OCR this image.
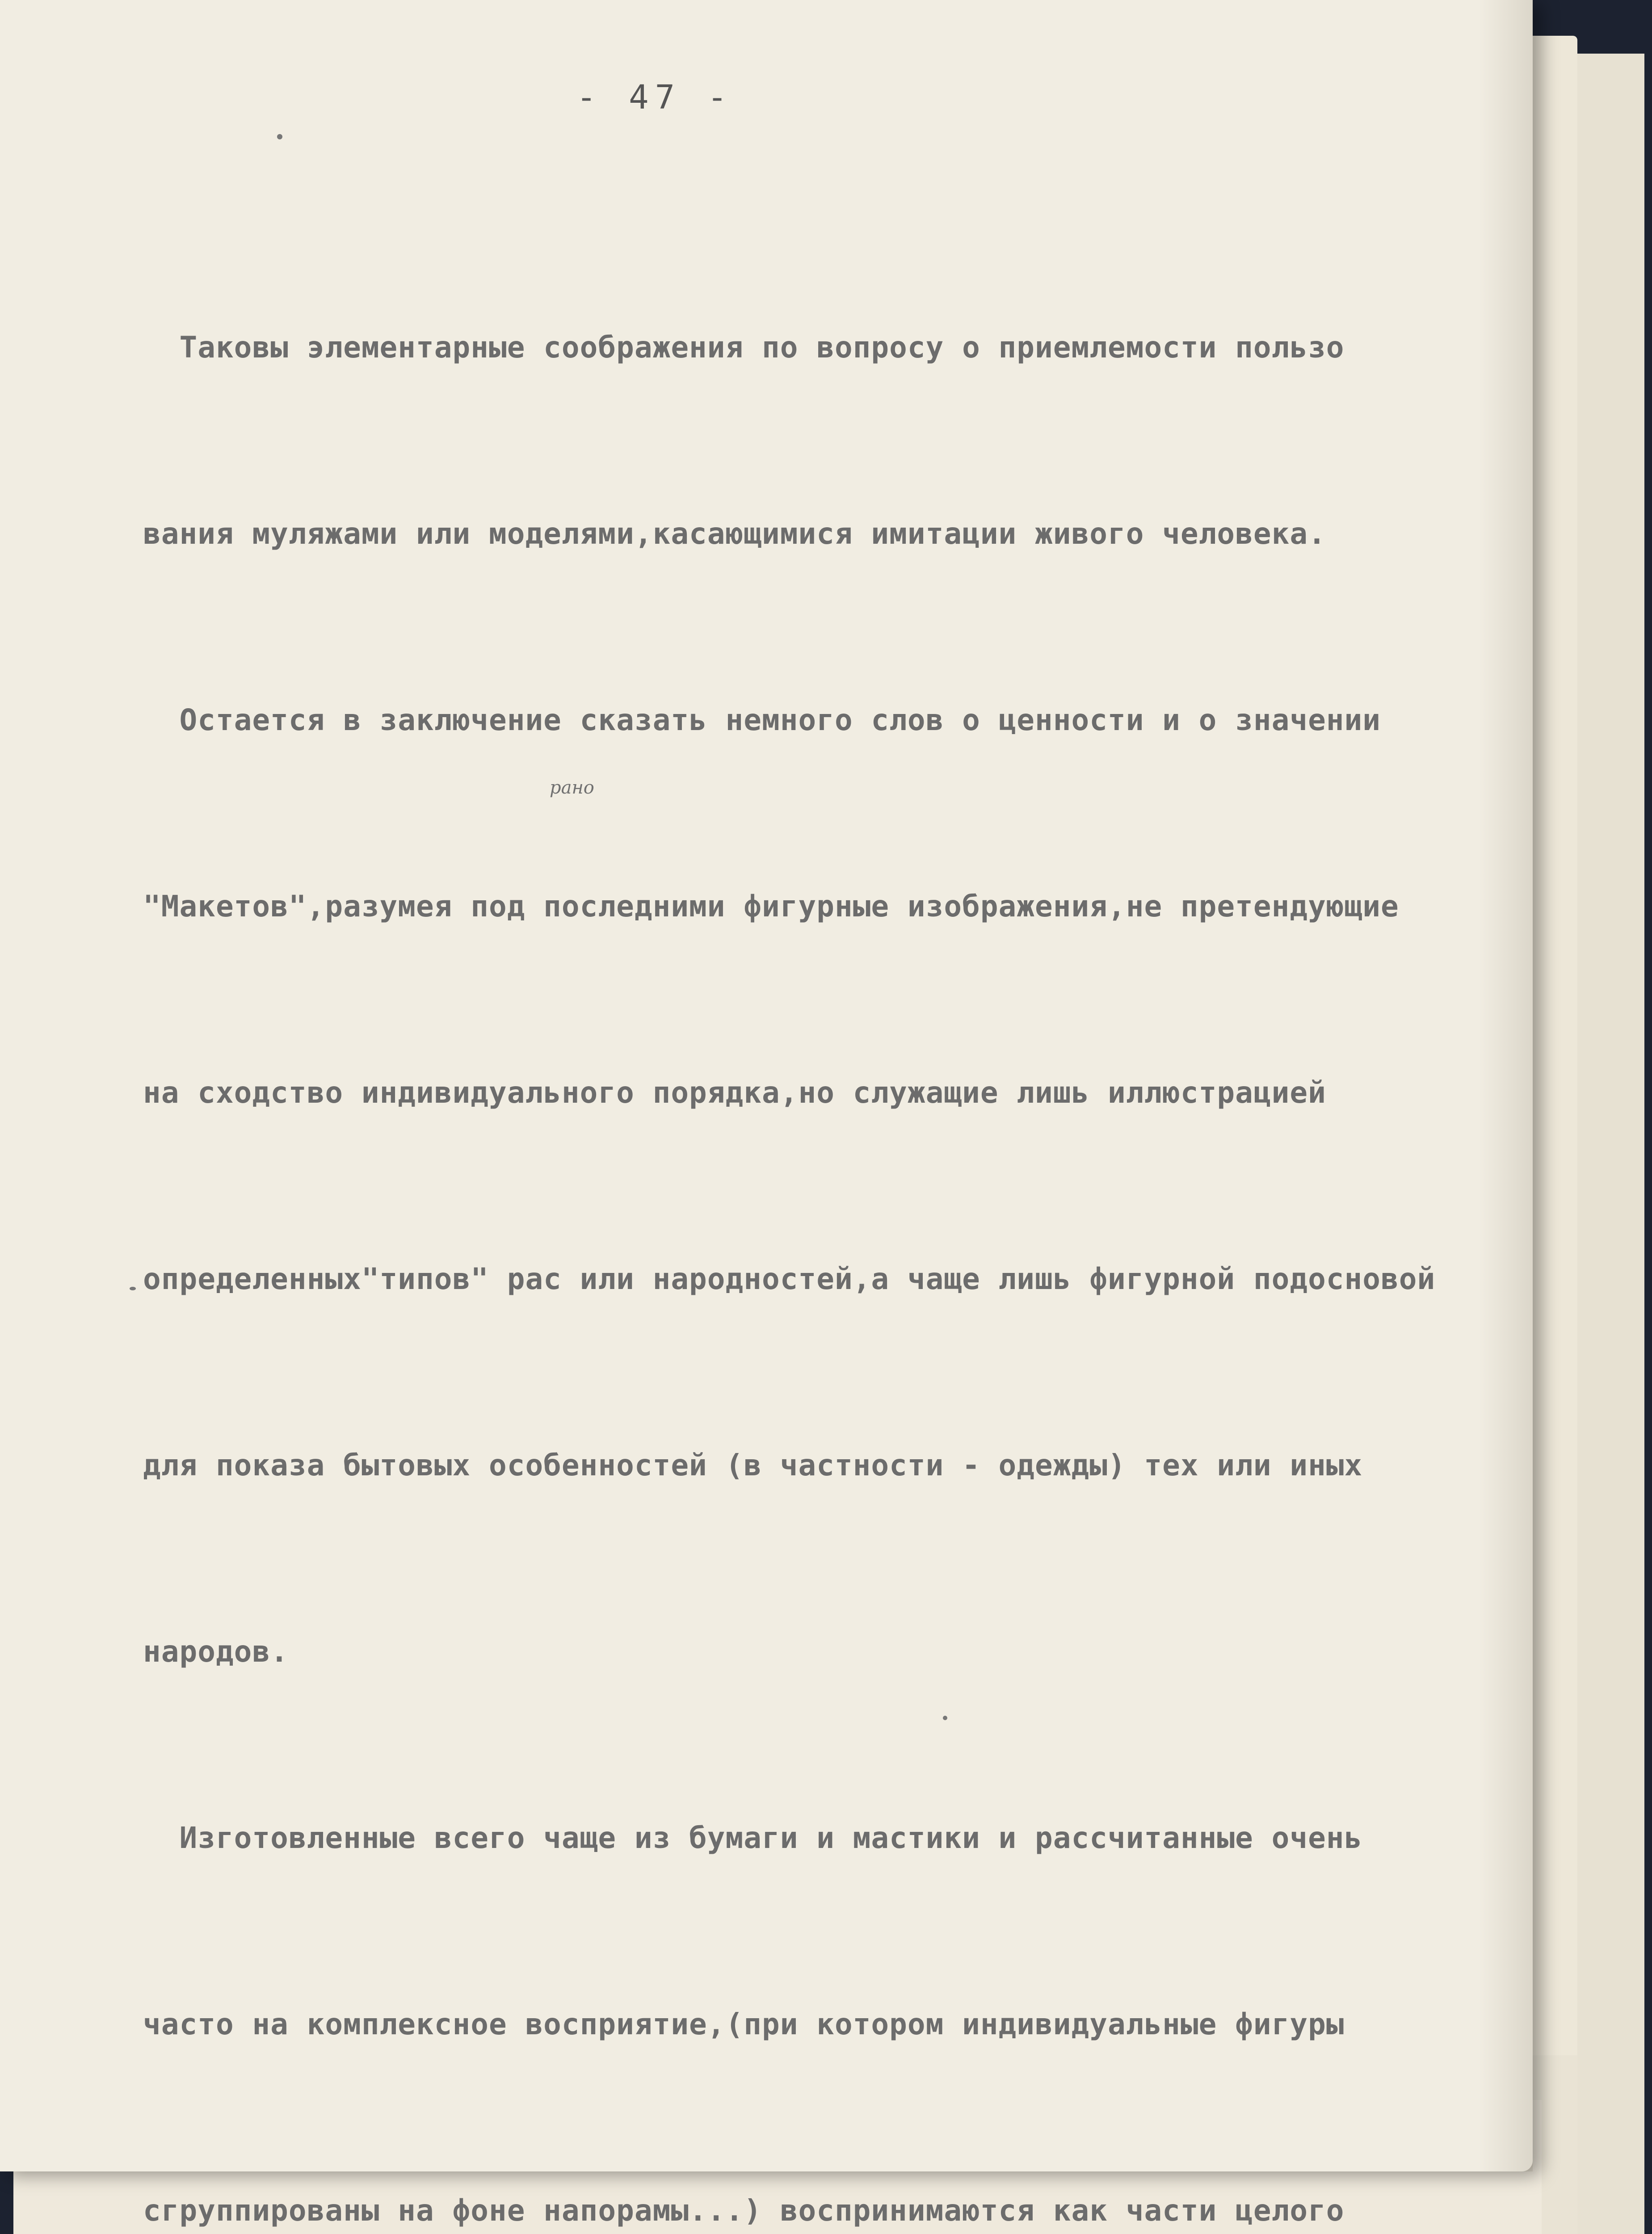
- 47 -
рано

Таковы элементарные соображения по вопросу о приемлемости пользо

вания муляжами или моделями,касающимися имитации живого человека.

Остается в заключение сказать немного слов о ценности и о значении

"Макетов",разумея под последними фигурные изображения,не претендующие

на сходство индивидуального порядка,но служащие лишь иллюстрацией

определенных"типов" рас или народностей,а чаще лишь фигурной подосновой

для показа бытовых особенностей (в частности - одежды) тех или иных

народов.

Изготовленные всего чаще из бумаги и мастики и рассчитанные очень

часто на комплексное восприятие,(при котором индивидуальные фигуры

сгруппированы на фоне напорамы...) воспринимаются как части целого
